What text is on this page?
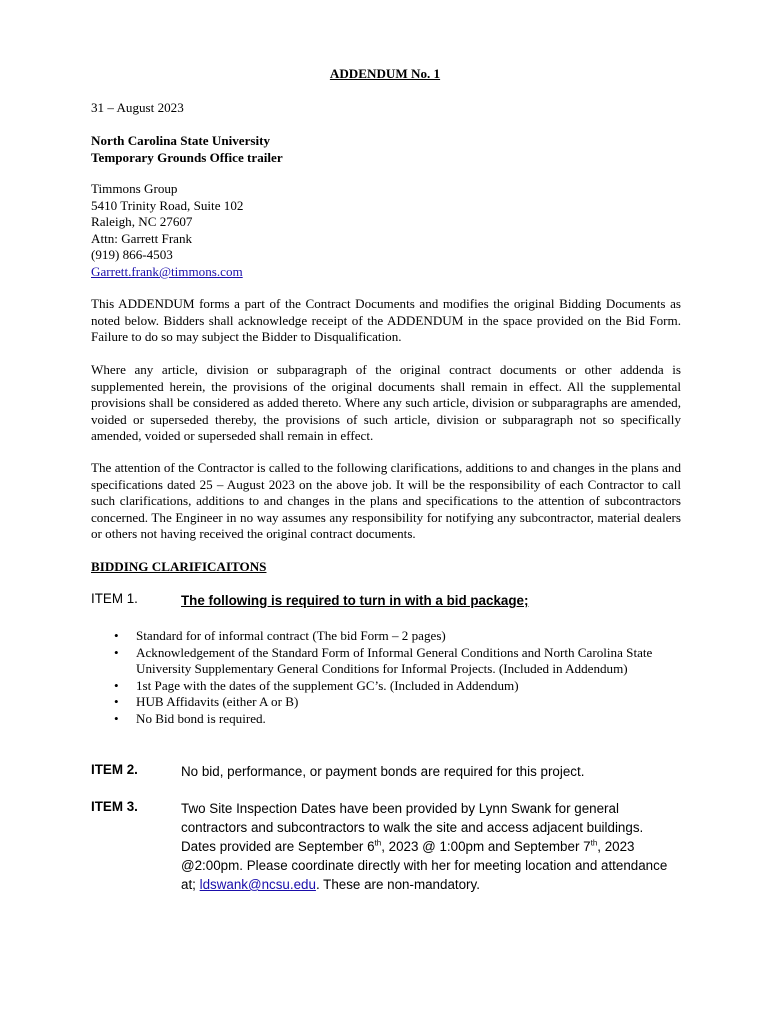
ADDENDUM No. 1
31 – August 2023
North Carolina State University
Temporary Grounds Office trailer
Timmons Group
5410 Trinity Road, Suite 102
Raleigh, NC 27607
Attn: Garrett Frank
(919) 866-4503
Garrett.frank@timmons.com
This ADDENDUM forms a part of the Contract Documents and modifies the original Bidding Documents as noted below. Bidders shall acknowledge receipt of the ADDENDUM in the space provided on the Bid Form. Failure to do so may subject the Bidder to Disqualification.
Where any article, division or subparagraph of the original contract documents or other addenda is supplemented herein, the provisions of the original documents shall remain in effect. All the supplemental provisions shall be considered as added thereto. Where any such article, division or subparagraphs are amended, voided or superseded thereby, the provisions of such article, division or subparagraph not so specifically amended, voided or superseded shall remain in effect.
The attention of the Contractor is called to the following clarifications, additions to and changes in the plans and specifications dated 25 – August 2023 on the above job. It will be the responsibility of each Contractor to call such clarifications, additions to and changes in the plans and specifications to the attention of subcontractors concerned. The Engineer in no way assumes any responsibility for notifying any subcontractor, material dealers or others not having received the original contract documents.
BIDDING CLARIFICAITONS
ITEM 1.	The following is required to turn in with a bid package;
• Standard for of informal contract (The bid Form – 2 pages)
• Acknowledgement of the Standard Form of Informal General Conditions and North Carolina State University Supplementary General Conditions for Informal Projects. (Included in Addendum)
• 1st Page with the dates of the supplement GC’s. (Included in Addendum)
• HUB Affidavits (either A or B)
• No Bid bond is required.
ITEM 2.	No bid, performance, or payment bonds are required for this project.
ITEM 3.	Two Site Inspection Dates have been provided by Lynn Swank for general contractors and subcontractors to walk the site and access adjacent buildings. Dates provided are September 6th, 2023 @ 1:00pm and September 7th, 2023 @2:00pm. Please coordinate directly with her for meeting location and attendance at; ldswank@ncsu.edu. These are non-mandatory.
